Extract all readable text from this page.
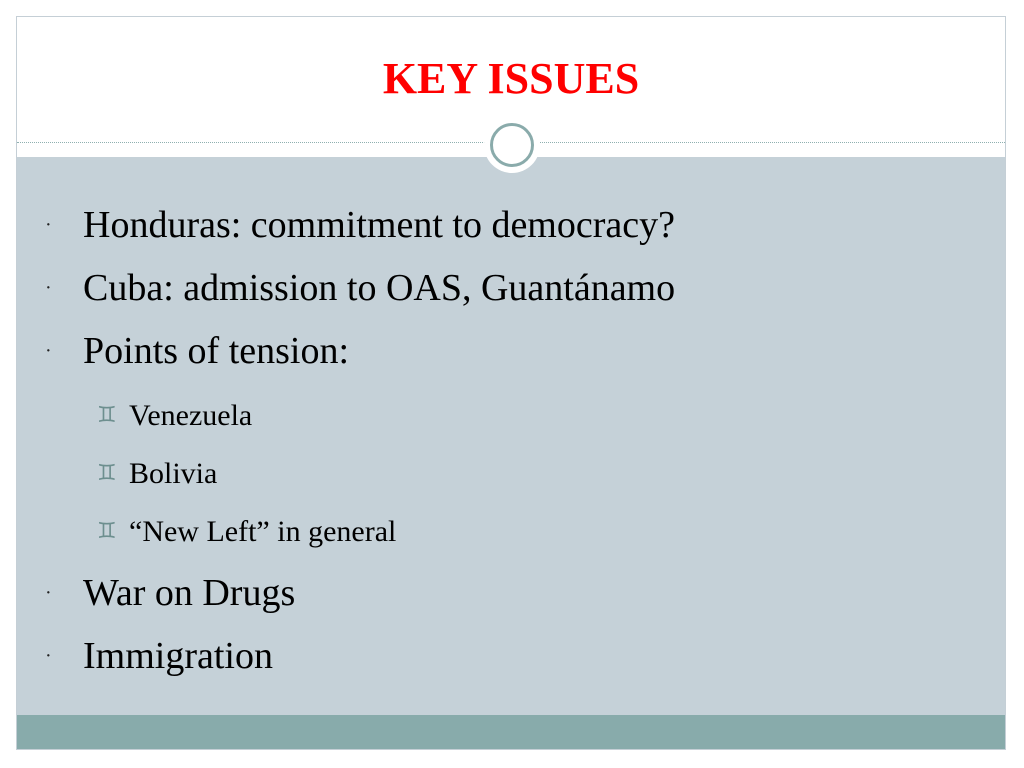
KEY ISSUES
· Honduras: commitment to democracy?
· Cuba: admission to OAS, Guantánamo
· Points of tension:
♊ Venezuela
♊ Bolivia
♊ “New Left” in general
· War on Drugs
· Immigration
